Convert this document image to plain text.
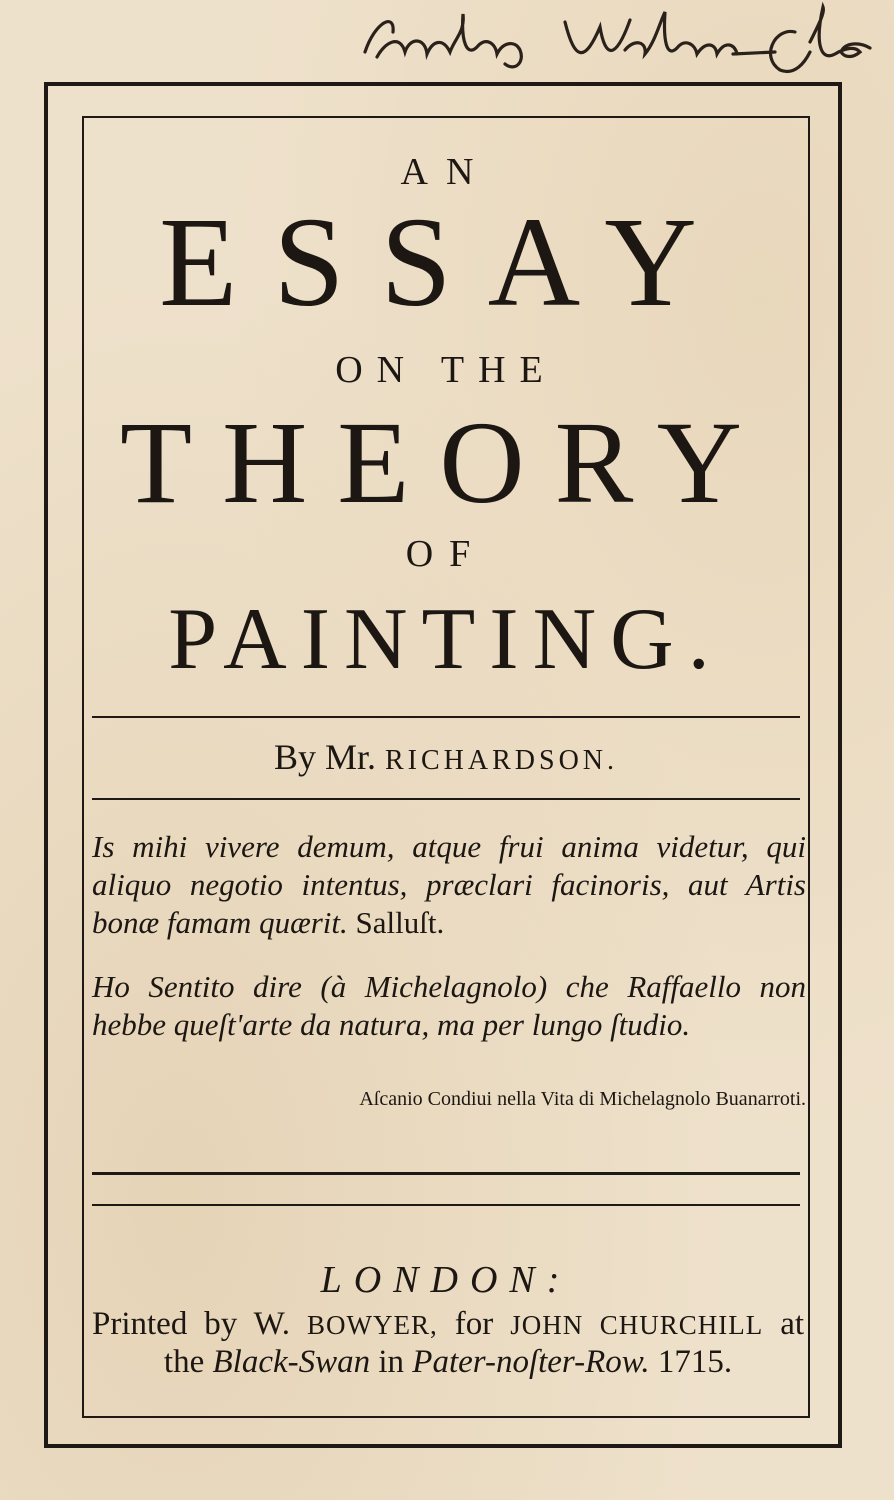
AN
ESSAY
ON THE
THEORY
OF
PAINTING.
By Mr. RICHARDSON.
Is mihi vivere demum, atque frui anima videtur, qui aliquo negotio intentus, præclari facinoris, aut Artis bonæ famam quærit. Salluſt.
Ho Sentito dire (à Michelagnolo) che Raffaello non hebbe queſt'arte da natura, ma per lungo ſtudio.
Aſcanio Condiui nella Vita di Michelagnolo Buanarroti.
LONDON:
Printed by W. BOWYER, for JOHN CHURCHILL at
the Black-Swan in Pater-noſter-Row. 1715.
